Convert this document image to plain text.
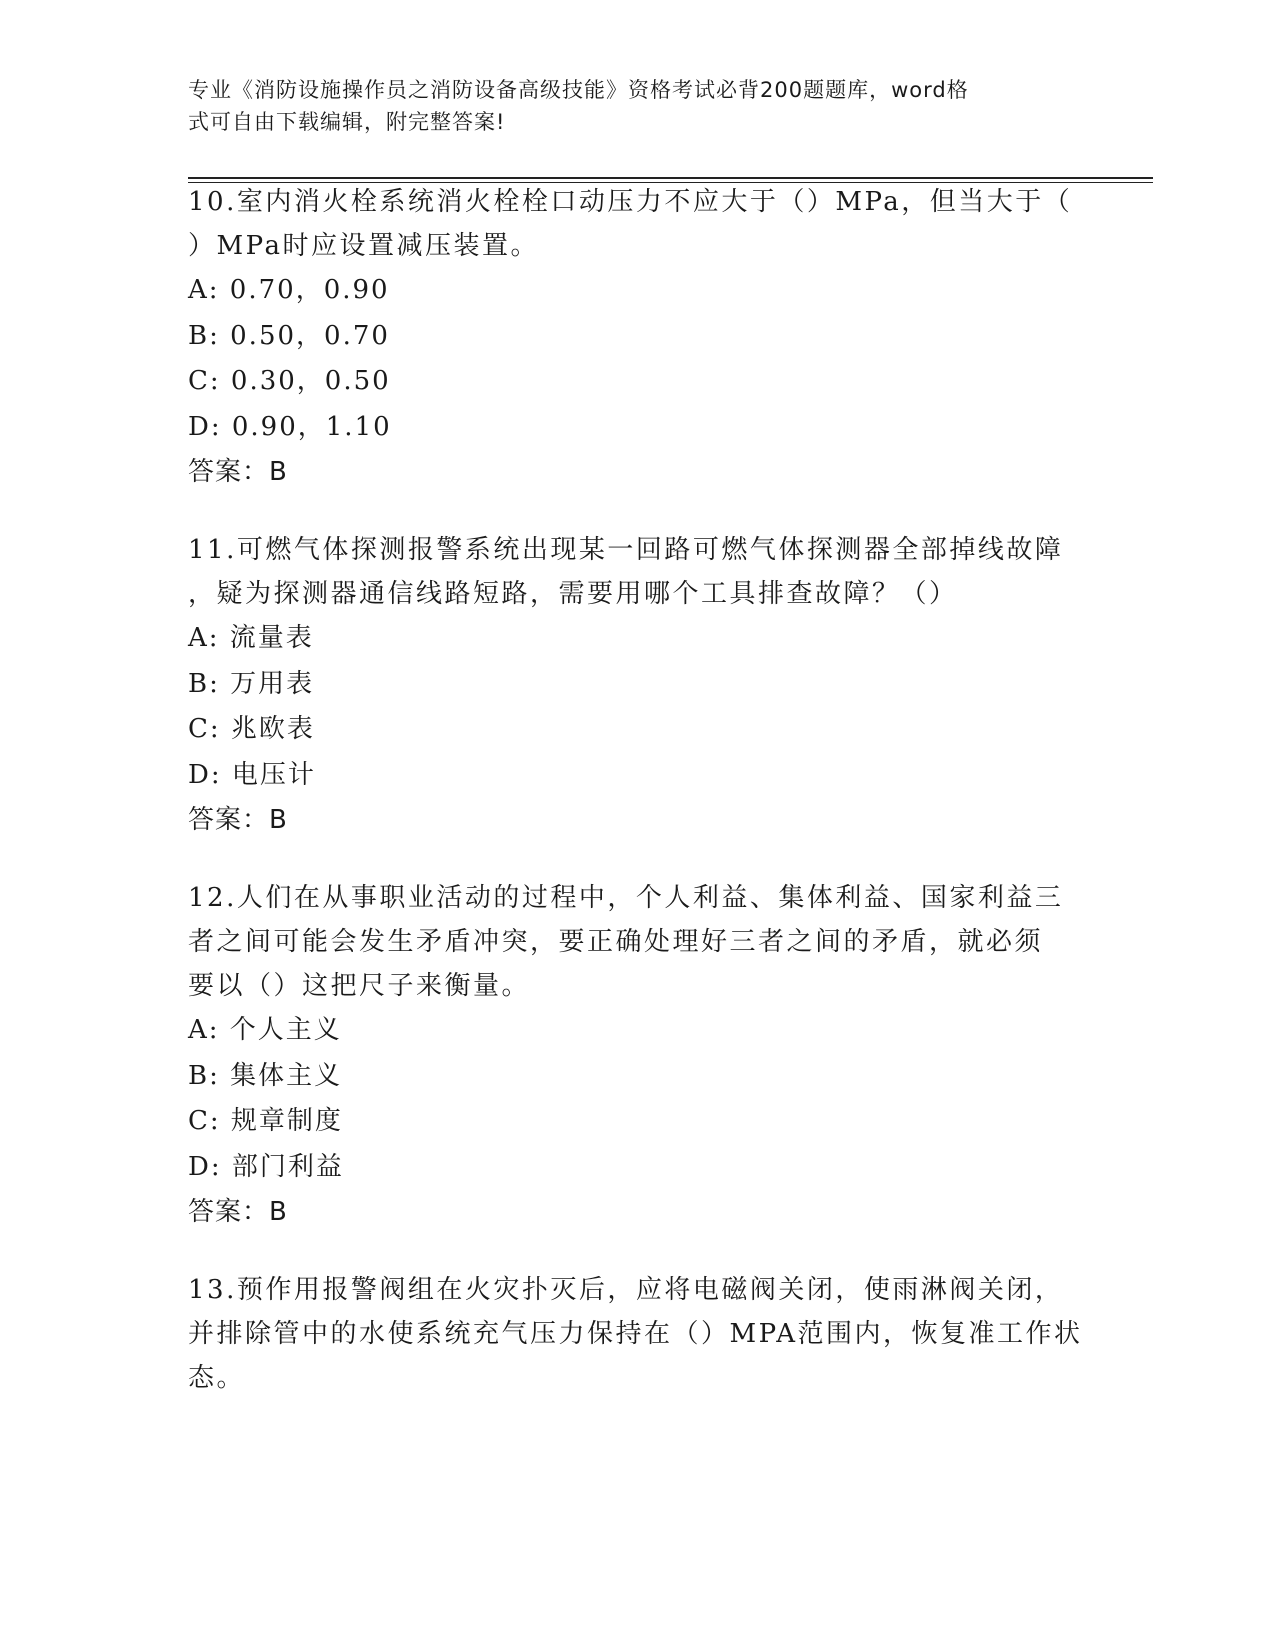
专业《消防设施操作员之消防设备高级技能》资格考试必背200题题库，word格
式可自由下载编辑，附完整答案!

10.室内消火栓系统消火栓栓口动压力不应大于（）MPa，但当大于（

）MPa时应设置减压装置。

A: 0.70，0.90

B: 0.50，0.70

C: 0.30，0.50

D: 0.90，1.10

答案：B

11.可燃气体探测报警系统出现某一回路可燃气体探测器全部掉线故障

，疑为探测器通信线路短路，需要用哪个工具排查故障？（）

A: 流量表

B: 万用表

C: 兆欧表

D: 电压计

答案：B

12.人们在从事职业活动的过程中，个人利益、集体利益、国家利益三

者之间可能会发生矛盾冲突，要正确处理好三者之间的矛盾，就必须

要以（）这把尺子来衡量。

A: 个人主义

B: 集体主义

C: 规章制度

D: 部门利益

答案：B

13.预作用报警阀组在火灾扑灭后，应将电磁阀关闭，使雨淋阀关闭，

并排除管中的水使系统充气压力保持在（）MPA范围内，恢复准工作状

态。
